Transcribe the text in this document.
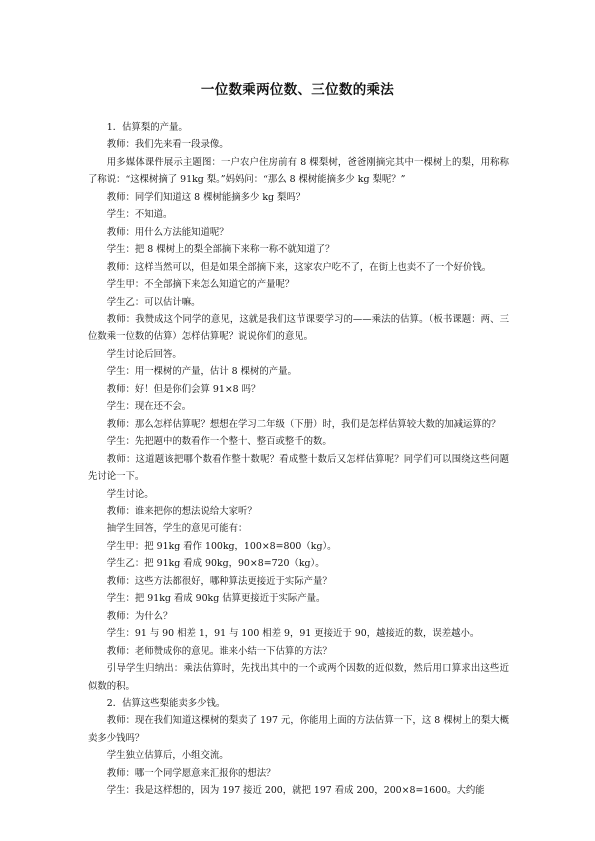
一位数乘两位数、三位数的乘法

1．估算梨的产量。

教师：我们先来看一段录像。

用多媒体课件展示主题图：一户农户住房前有 8 棵梨树，爸爸刚摘完其中一棵树上的梨，用称称了称说：“这棵树摘了 91kg 梨。”妈妈问：“那么 8 棵树能摘多少 kg 梨呢？”

教师：同学们知道这 8 棵树能摘多少 kg 梨吗？

学生：不知道。

教师：用什么方法能知道呢？

学生：把 8 棵树上的梨全部摘下来称一称不就知道了？

教师：这样当然可以，但是如果全部摘下来，这家农户吃不了，在街上也卖不了一个好价钱。

学生甲：不全部摘下来怎么知道它的产量呢？

学生乙：可以估计嘛。

教师：我赞成这个同学的意见，这就是我们这节课要学习的——乘法的估算。（板书课题：两、三位数乘一位数的估算）怎样估算呢？说说你们的意见。

学生讨论后回答。

学生：用一棵树的产量，估计 8 棵树的产量。

教师：好！但是你们会算 91×8 吗？

学生：现在还不会。

教师：那么怎样估算呢？想想在学习二年级（下册）时，我们是怎样估算较大数的加减运算的？

学生：先把题中的数看作一个整十、整百或整千的数。

教师：这道题该把哪个数看作整十数呢？看成整十数后又怎样估算呢？同学们可以围绕这些问题先讨论一下。

学生讨论。

教师：谁来把你的想法说给大家听？

抽学生回答，学生的意见可能有：

学生甲：把 91kg 看作 100kg，100×8=800（kg）。

学生乙：把 91kg 看成 90kg，90×8=720（kg）。

教师：这些方法都很好，哪种算法更接近于实际产量？

学生：把 91kg 看成 90kg 估算更接近于实际产量。

教师：为什么？

学生：91 与 90 相差 1，91 与 100 相差 9，91 更接近于 90，越接近的数，误差越小。

教师：老师赞成你的意见。谁来小结一下估算的方法？

引导学生归纳出：乘法估算时，先找出其中的一个或两个因数的近似数，然后用口算求出这些近似数的积。

2．估算这些梨能卖多少钱。

教师：现在我们知道这棵树的梨卖了 197 元，你能用上面的方法估算一下，这 8 棵树上的梨大概卖多少钱吗？

学生独立估算后，小组交流。

教师：哪一个同学愿意来汇报你的想法？

学生：我是这样想的，因为 197 接近 200，就把 197 看成 200，200×8=1600。大约能
